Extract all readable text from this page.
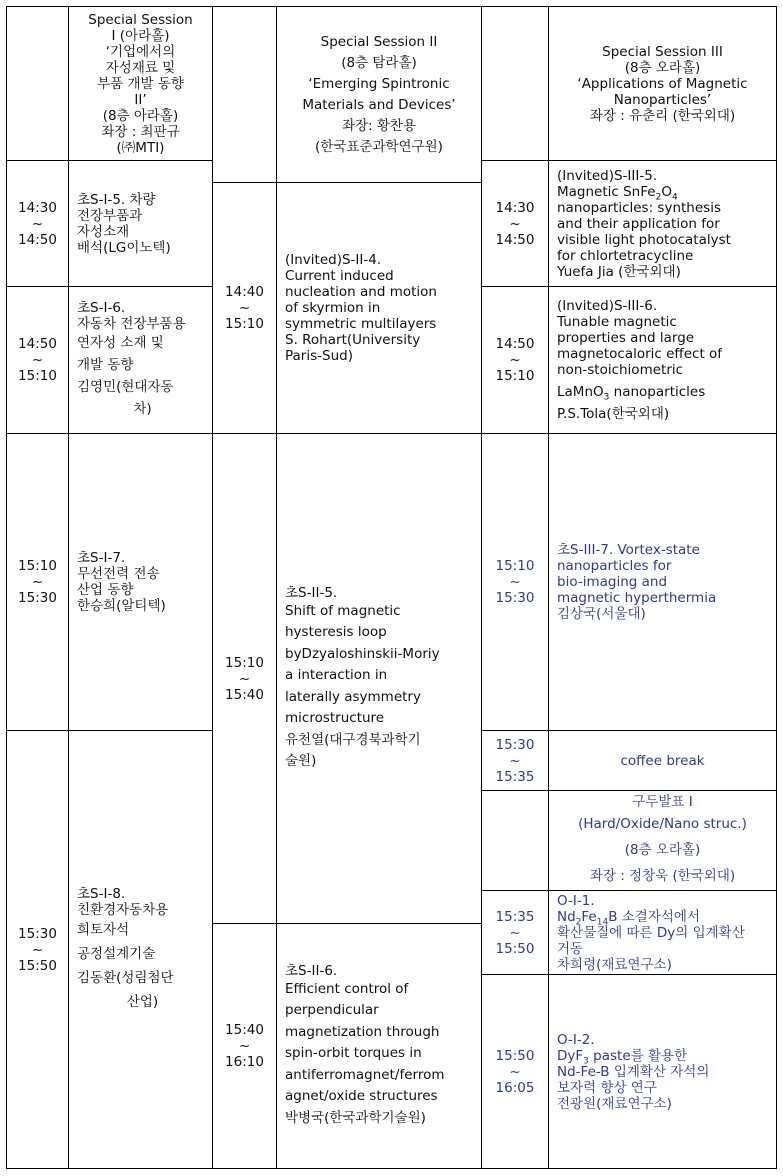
Special Session
I (아라홀)
‘기업에서의
자성재료 및
부품 개발 동향
II’
(8층 아라홀)
좌장 : 최판규
(㈜MTI)
Special Session II
(8층 탐라홀)
‘Emerging Spintronic
Materials and Devices’
좌장: 황찬용
(한국표준과학연구원)
Special Session III
(8층 오라홀)
‘Applications of Magnetic
Nanoparticles’
좌장 : 유춘리 (한국외대)
14:30
~
14:50
초S-I-5. 차량
전장부품과
자성소재
배석(LG이노텍)
14:50
~
15:10
초S-I-6.
자동차 전장부품용
연자성 소재 및
개발 동향
김영민(현대자동
차)
15:10
~
15:30
초S-I-7.
무선전력 전송
산업 동향
한승희(알티텍)
15:30
~
15:50
초S-I-8.
친환경자동차용
희토자석
공정설계기술
김동환(성림첨단
산업)
14:40
~
15:10
(Invited)S-II-4.
Current induced
nucleation and motion
of skyrmion in
symmetric multilayers
S. Rohart(University
Paris-Sud)
15:10
~
15:40
초S-II-5.
Shift of magnetic
hysteresis loop
byDzyaloshinskii-Moriy
a interaction in
laterally asymmetry
microstructure
유천열(대구경북과학기
술원)
15:40
~
16:10
초S-II-6.
Efficient control of
perpendicular
magnetization through
spin-orbit torques in
antiferromagnet/ferrom
agnet/oxide structures
박병국(한국과학기술원)
14:30
~
14:50
(Invited)S-III-5.
Magnetic $SnFe_2O_4$
nanoparticles: synthesis
and their application for
visible light photocatalyst
for chlortetracycline
Yuefa Jia (한국외대)
14:50
~
15:10
(Invited)S-III-6.
Tunable magnetic
properties and large
magnetocaloric effect of
non-stoichiometric
LaMnO$_3$ nanoparticles
P.S.Tola(한국외대)
15:10
~
15:30
초S-III-7. Vortex-state
nanoparticles for
bio-imaging and
magnetic hyperthermia
김상국(서울대)
15:30
~
15:35
coffee break
구두발표 I
(Hard/Oxide/Nano struc.)
(8층 오라홀)
좌장 : 정창욱 (한국외대)
15:35
~
15:50
O-I-1.
$Nd_2Fe_{14}B$ 소결자석에서
확산물질에 따른 Dy의 입계확산
거동
차희령(재료연구소)
15:50
~
16:05
O-I-2.
DyF$_3$ paste를 활용한
Nd-Fe-B 입계확산 자석의
보자력 향상 연구
전광원(재료연구소)
